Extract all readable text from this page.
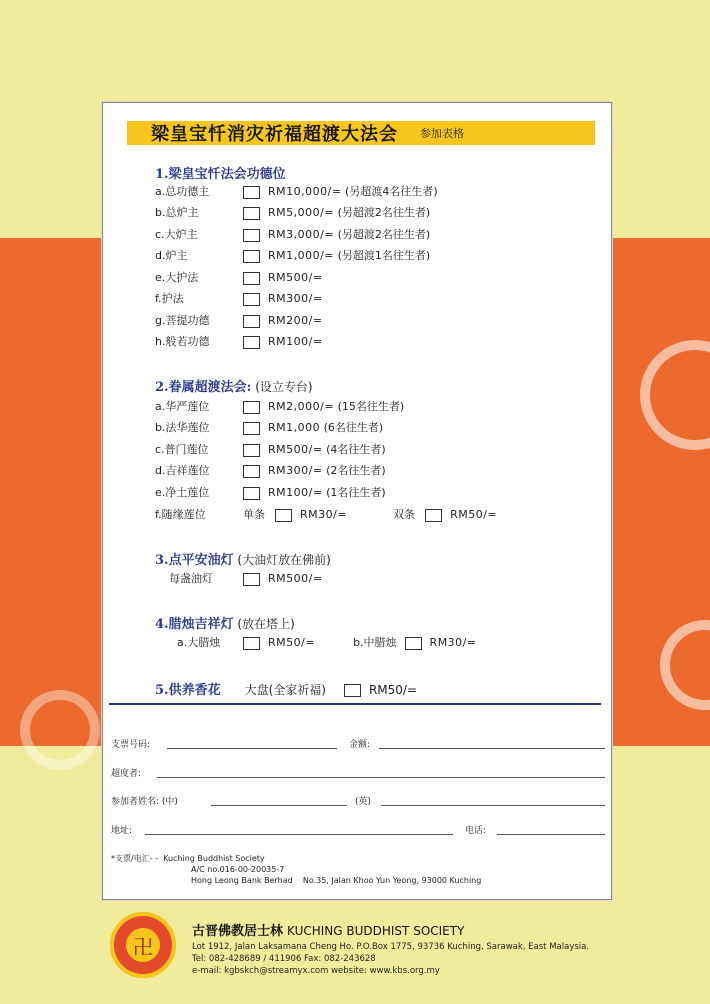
梁皇宝忏消灾祈福超渡大法会 参加表格
1.梁皇宝忏法会功德位
a.总功德主	RM10,000/= (另超渡4名往生者)
b.总炉主	RM5,000/= (另超渡2名往生者)
c.大炉主	RM3,000/= (另超渡2名往生者)
d.炉主	RM1,000/= (另超渡1名往生者)
e.大护法	RM500/=
f.护法	RM300/=
g.菩提功德	RM200/=
h.般若功德	RM100/=
2.眷属超渡法会: (设立专台)
a.华严莲位	RM2,000/= (15名往生者)
b.法华莲位	RM1,000 (6名往生者)
c.普门莲位	RM500/= (4名往生者)
d.吉祥莲位	RM300/= (2名往生者)
e.净土莲位	RM100/= (1名往生者)
f.随缘莲位	单条	RM30/=	双条	RM50/=
3.点平安油灯 (大油灯放在佛前)
每盏油灯	RM500/=
4.腊烛吉祥灯 (放在塔上)
a.大腊烛	RM50/=	b.中腊烛	RM30/=
5.供养香花 大盘(全家祈福)	RM50/=
支票号码:	金额:
超度者:
参加者姓名: (中)	(英)
地址:	电话:
*支票/电汇- -  Kuching Buddhist Society
A/C no.016-00-20035-7
Hong Leong Bank Berhad    No.35, Jalan Khoo Yun Yeong, 93000 Kuching
卍
古晋佛教居士林 KUCHING BUDDHIST SOCIETY
Lot 1912, Jalan Laksamana Cheng Ho. P.O.Box 1775, 93736 Kuching, Sarawak, East Malaysia.
Tel: 082-428689 / 411906 Fax: 082-243628
e-mail: kgbskch@streamyx.com website: www.kbs.org.my
